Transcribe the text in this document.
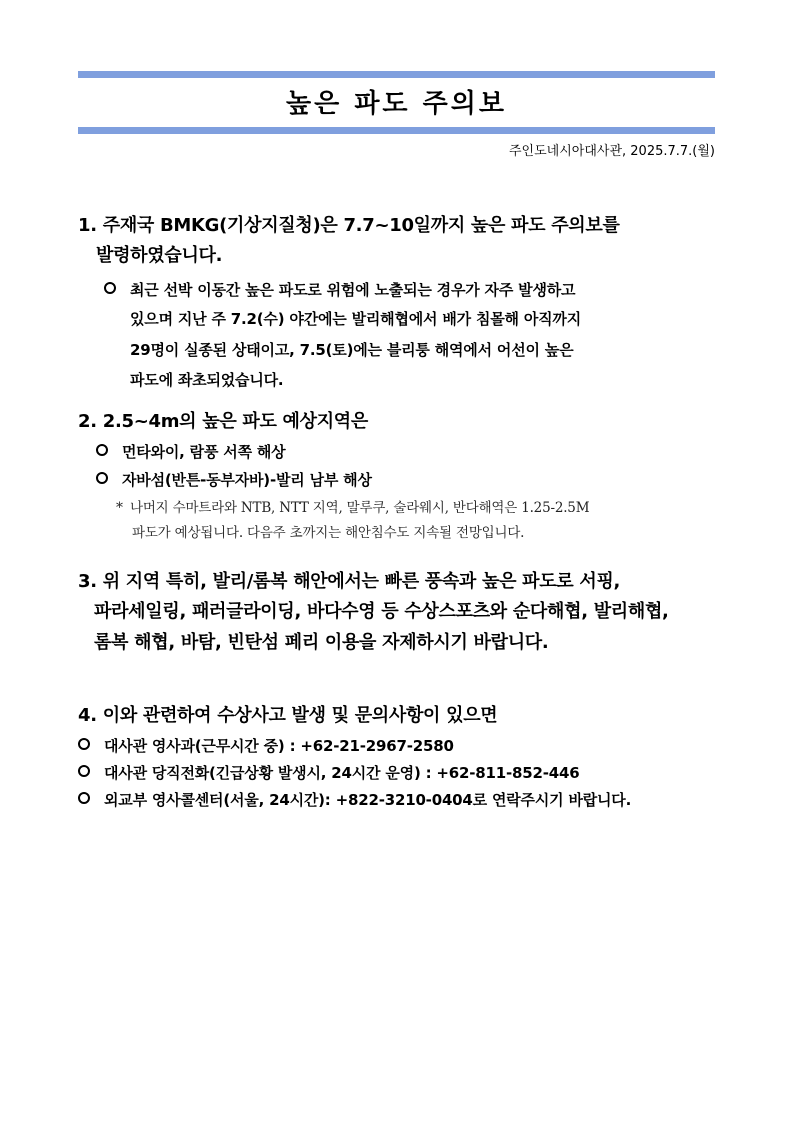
높은 파도 주의보
주인도네시아대사관, 2025.7.7.(월)
1. 주재국 BMKG(기상지질청)은 7.7~10일까지 높은 파도 주의보를
발령하였습니다.
최근 선박 이동간 높은 파도로 위험에 노출되는 경우가 자주 발생하고
있으며 지난 주 7.2(수) 야간에는 발리해협에서 배가 침몰해 아직까지
29명이 실종된 상태이고, 7.5(토)에는 블리퉁 해역에서 어선이 높은
파도에 좌초되었습니다.
2. 2.5~4m의 높은 파도 예상지역은
먼타와이, 람풍 서쪽 해상
자바섬(반튼-동부자바)-발리 남부 해상
* 나머지 수마트라와 NTB, NTT 지역, 말루쿠, 술라웨시, 반다해역은 1.25-2.5M
파도가 예상됩니다. 다음주 초까지는 해안침수도 지속될 전망입니다.
3. 위 지역 특히, 발리/롬복 해안에서는 빠른 풍속과 높은 파도로 서핑,
파라세일링, 패러글라이딩, 바다수영 등 수상스포츠와 순다해협, 발리해협,
롬복 해협, 바탐, 빈탄섬 페리 이용을 자제하시기 바랍니다.
4. 이와 관련하여 수상사고 발생 및 문의사항이 있으면
대사관 영사과(근무시간 중) : +62-21-2967-2580
대사관 당직전화(긴급상황 발생시, 24시간 운영) : +62-811-852-446
외교부 영사콜센터(서울, 24시간): +822-3210-0404로 연락주시기 바랍니다.
